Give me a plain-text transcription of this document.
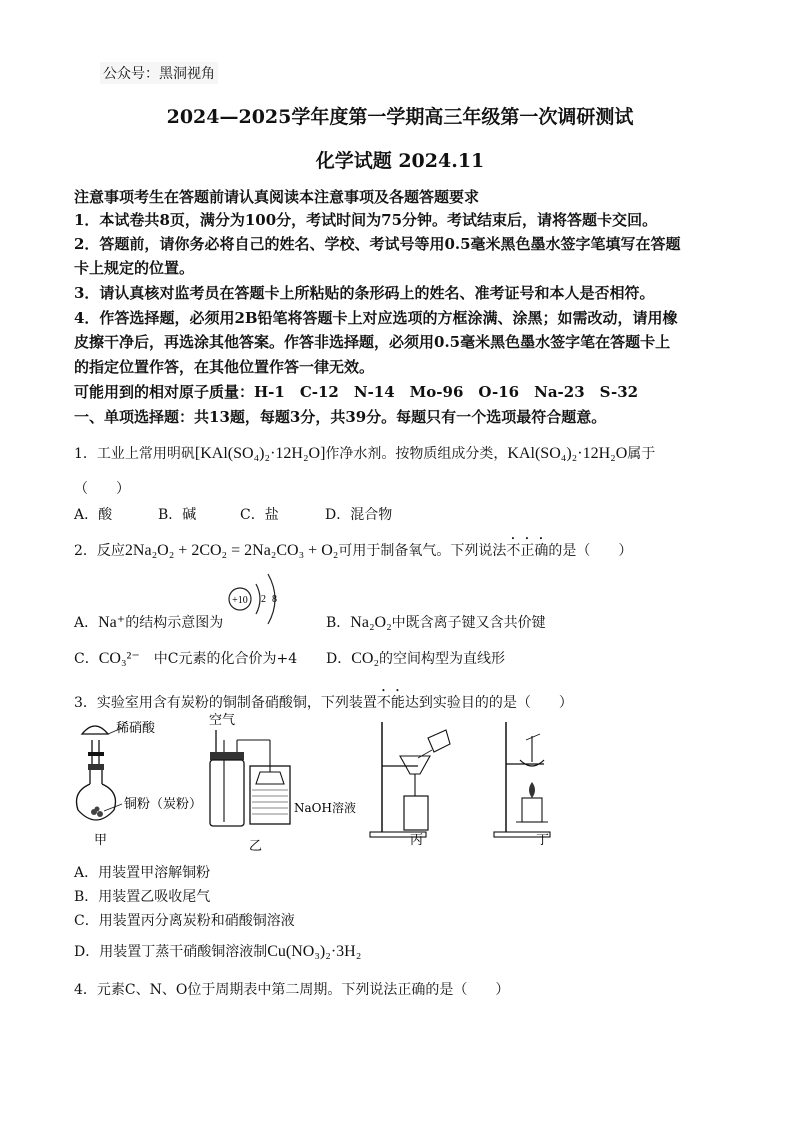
公众号：黑洞视角
2024—2025学年度第一学期高三年级第一次调研测试
化学试题 2024.11
注意事项考生在答题前请认真阅读本注意事项及各题答题要求
1．本试卷共8页，满分为100分，考试时间为75分钟。考试结束后，请将答题卡交回。
2．答题前，请你务必将自己的姓名、学校、考试号等用0.5毫米黑色墨水签字笔填写在答题
卡上规定的位置。
3．请认真核对监考员在答题卡上所粘贴的条形码上的姓名、准考证号和本人是否相符。
4．作答选择题，必须用2B铅笔将答题卡上对应选项的方框涂满、涂黑；如需改动，请用橡
皮擦干净后，再选涂其他答案。作答非选择题，必须用0.5毫米黑色墨水签字笔在答题卡上
的指定位置作答，在其他位置作答一律无效。
可能用到的相对原子质量：H-1　C-12　N-14　Mo-96　O-16　Na-23　S-32
一、单项选择题：共13题，每题3分，共39分。每题只有一个选项最符合题意。
1．工业上常用明矾[KAl(SO₄)₂·12H₂O]作净水剂。按物质组成分类，KAl(SO₄)₂·12H₂O属于
（　　）
A．酸	B．碱	C．盐	D．混合物
2．反应2Na₂O₂ + 2CO₂ = 2Na₂CO₃ + O₂可用于制备氧气。下列说法不正确的是（　　）
A．Na⁺的结构示意图为
+10 2 8
B．Na₂O₂中既含离子键又含共价键
C．CO₃²⁻　 中C元素的化合价为+4 D．CO₂的空间构型为直线形
3．实验室用含有炭粉的铜制备硝酸铜，下列装置不能达到实验目的的是（　　）
稀硝酸
铜粉（炭粉）
空气
NaOH溶液
甲	乙	丙	丁
A．用装置甲溶解铜粉
B．用装置乙吸收尾气
C．用装置丙分离炭粉和硝酸铜溶液
D．用装置丁蒸干硝酸铜溶液制Cu(NO₃)₂·3H₂
4．元素C、N、O位于周期表中第二周期。下列说法正确的是（　　）
